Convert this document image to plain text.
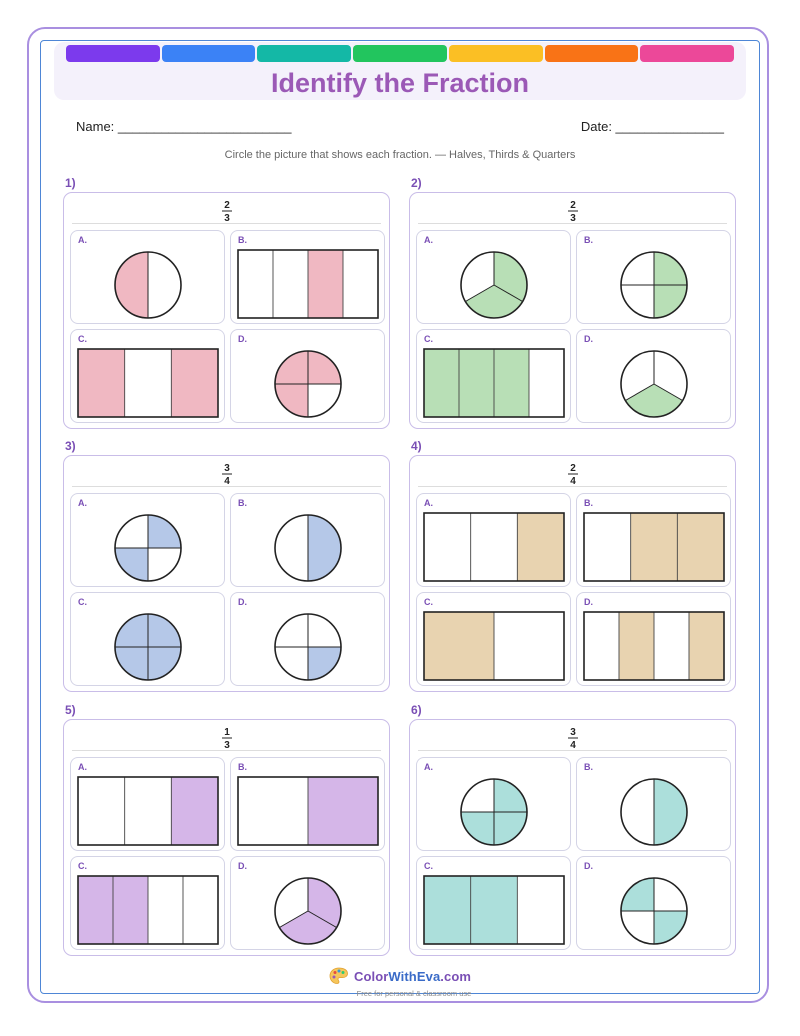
Identify the Fraction
Name: ________________________	Date: _______________
Circle the picture that shows each fraction. — Halves, Thirds & Quarters
1)
2
3
A.	B.
C.	D.
2)
2
3
A.	B.
C.	D.
3)
3
4
A.	B.
C.	D.
4)
2
4
A.	B.
C.	D.
5)
1
3
A.	B.
C.	D.
6)
3
4
A.	B.
C.	D.
ColorWithEva.com
Free for personal & classroom use
